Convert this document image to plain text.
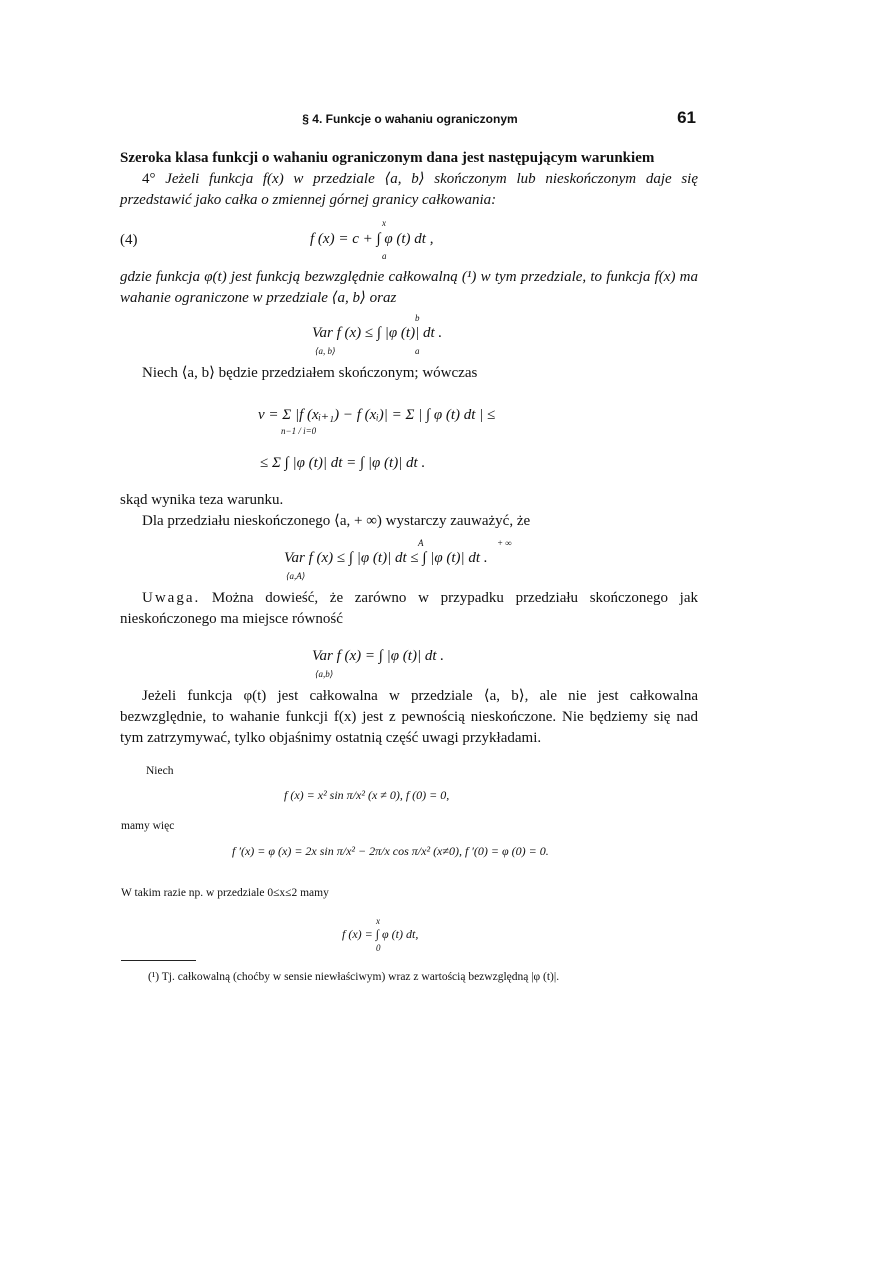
§ 4. Funkcje o wahaniu ograniczonym	61
Szeroka klasa funkcji o wahaniu ograniczonym dana jest następującym warunkiem
4° Jeżeli funkcja f(x) w przedziale ⟨a, b⟩ skończonym lub nieskończonym daje się przedstawić jako całka o zmiennej górnej granicy całkowania:
(4)
x
f (x) = c + ∫ φ (t) dt ,
a
gdzie funkcja φ(t) jest funkcją bezwzględnie całkowalną (¹) w tym przedziale, to funkcja f(x) ma wahanie ograniczone w przedziale ⟨a, b⟩ oraz
b
Var f (x) ≤ ∫ |φ (t)| dt .
⟨a, b⟩	a
Niech ⟨a, b⟩ będzie przedziałem skończonym; wówczas
v = Σ |f (xᵢ₊₁) − f (xᵢ)| = Σ | ∫ φ (t) dt | ≤
n−1 / i=0
≤ Σ ∫ |φ (t)| dt = ∫ |φ (t)| dt .
skąd wynika teza warunku.
Dla przedziału nieskończonego ⟨a, + ∞) wystarczy zauważyć, że
A	+ ∞
Var f (x) ≤ ∫ |φ (t)| dt ≤ ∫ |φ (t)| dt .
⟨a,A⟩
Uwaga. Można dowieść, że zarówno w przypadku przedziału skończonego jak nieskończonego ma miejsce równość
Var f (x) = ∫ |φ (t)| dt .
⟨a,b⟩
Jeżeli funkcja φ(t) jest całkowalna w przedziale ⟨a, b⟩, ale nie jest całkowalna bezwzględnie, to wahanie funkcji f(x) jest z pewnością nieskończone. Nie będziemy się nad tym zatrzymywać, tylko objaśnimy ostatnią część uwagi przykładami.
Niech
f (x) = x² sin π/x² (x ≠ 0), f (0) = 0,
mamy więc
f ′(x) = φ (x) = 2x sin π/x² − 2π/x cos π/x² (x≠0), f ′(0) = φ (0) = 0.
W takim razie np. w przedziale 0≤x≤2 mamy
x
f (x) = ∫ φ (t) dt,
0
(¹) Tj. całkowalną (choćby w sensie niewłaściwym) wraz z wartością bezwzględną |φ (t)|.
